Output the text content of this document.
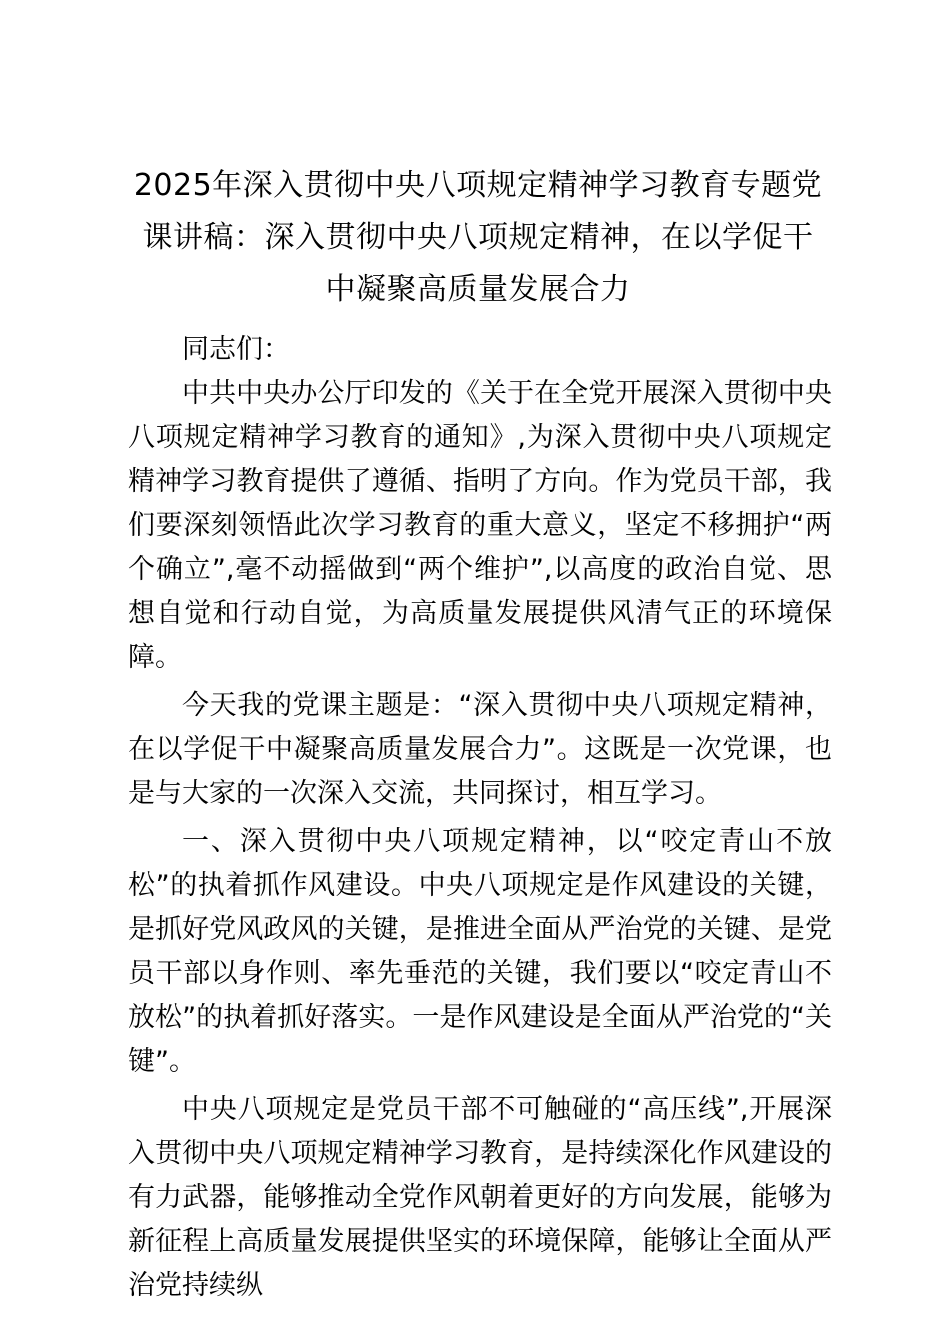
2025年深入贯彻中央八项规定精神学习教育专题党课讲稿：深入贯彻中央八项规定精神，在以学促干中凝聚高质量发展合力

同志们：

中共中央办公厅印发的《关于在全党开展深入贯彻中央八项规定精神学习教育的通知》,为深入贯彻中央八项规定精神学习教育提供了遵循、指明了方向。作为党员干部，我们要深刻领悟此次学习教育的重大意义，坚定不移拥护“两个确立”,毫不动摇做到“两个维护”,以高度的政治自觉、思想自觉和行动自觉，为高质量发展提供风清气正的环境保障。

今天我的党课主题是：“深入贯彻中央八项规定精神，在以学促干中凝聚高质量发展合力”。这既是一次党课，也是与大家的一次深入交流，共同探讨，相互学习。

一、深入贯彻中央八项规定精神，以“咬定青山不放松”的执着抓作风建设。中央八项规定是作风建设的关键，是抓好党风政风的关键，是推进全面从严治党的关键、是党员干部以身作则、率先垂范的关键，我们要以“咬定青山不放松”的执着抓好落实。一是作风建设是全面从严治党的“关键”。

中央八项规定是党员干部不可触碰的“高压线”,开展深入贯彻中央八项规定精神学习教育，是持续深化作风建设的有力武器，能够推动全党作风朝着更好的方向发展，能够为新征程上高质量发展提供坚实的环境保障，能够让全面从严治党持续纵
